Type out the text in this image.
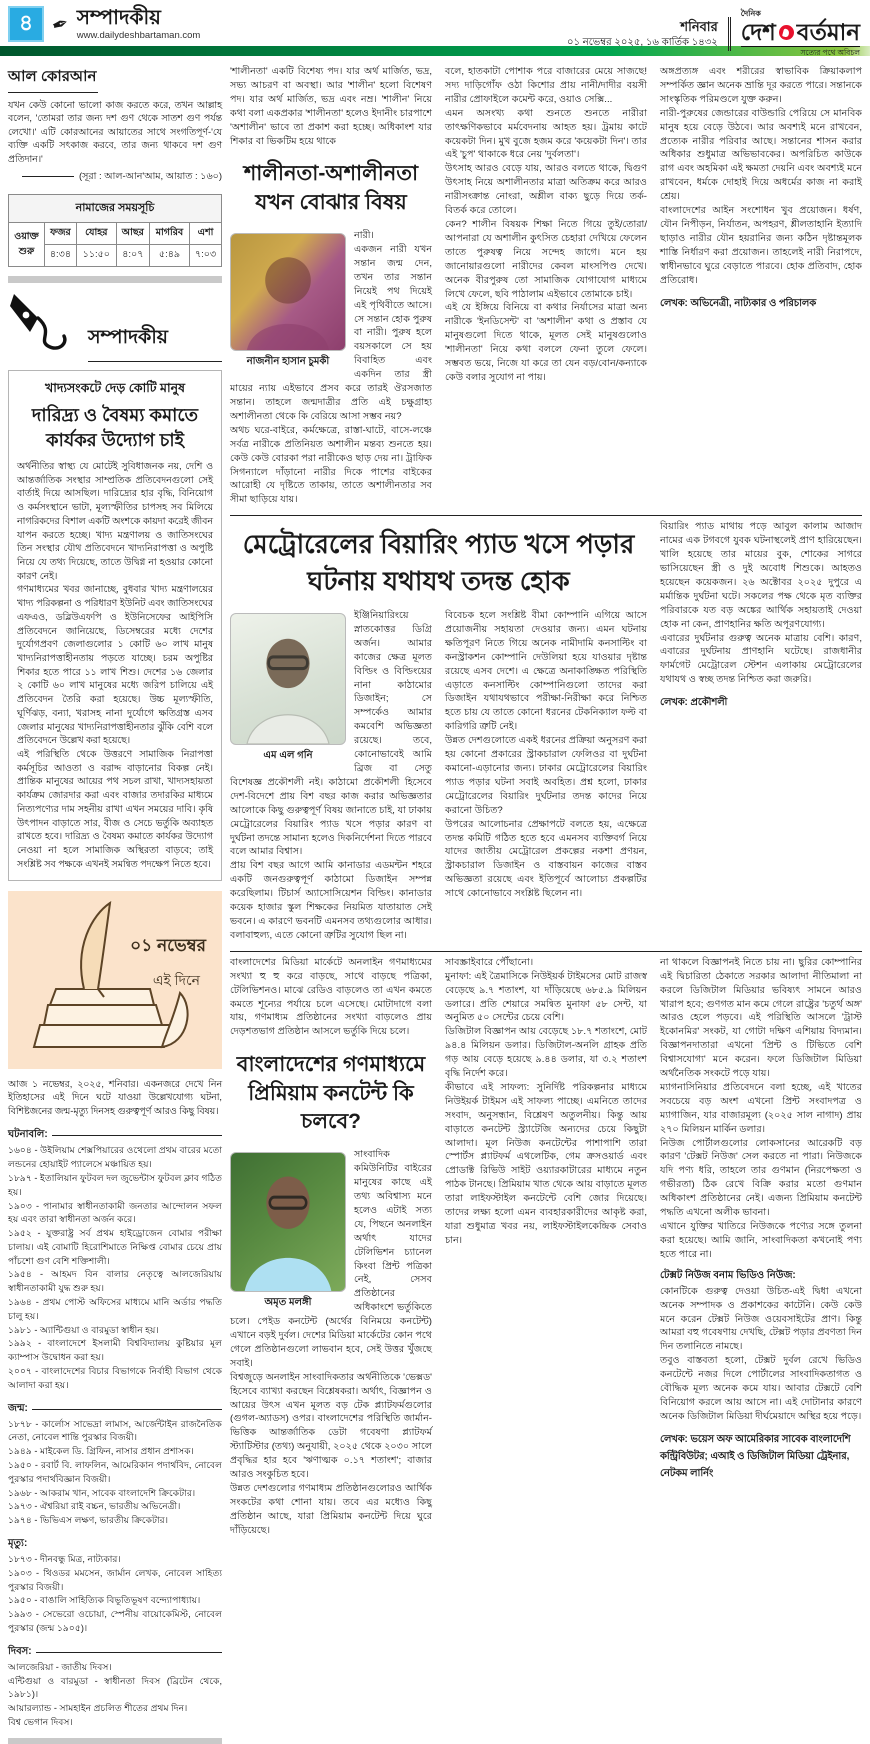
৪ ✒︎ সম্পাদকীয়
www.dailydeshbartaman.com
শনিবার
০১ নভেম্বর ২০২৫, ১৬ কার্তিক ১৪৩২
দৈনিক
দেশ বর্তমান
সত্যের পথে অবিচল
আল কোরআন

যখন কেউ কোনো ভালো কাজ করতে করে, তখন আল্লাহ বলেন, 'তোমরা তার জন্য দশ গুণ থেকে সাতশ গুণ পর্যন্ত লেখো।' এটি কোরআনের আয়াতের সাথে সংগতিপূর্ণ-'যে ব্যক্তি একটি সৎকাজ করবে, তার জন্য থাকবে দশ গুণ প্রতিদান।'

(সূরা : আল-আন'আম, আয়াত : ১৬০)
নামাজের সময়সূচি					
ওয়াক্ত শুরু	ফজর	যোহর	আছর	মাগরিব	এশা
	৪:৩৪	১১:৫০	৪:০৭	৫:৪৯	৭:০৩
সম্পাদকীয়
খাদ্যসংকটে দেড় কোটি মানুষ
দারিদ্র্য ও বৈষম্য কমাতে কার্যকর উদ্যোগ চাই
অর্থনীতির স্বাস্থ্য যে মোটেই সুবিধাজনক নয়, দেশি ও আন্তর্জাতিক সংস্থার সাম্প্রতিক প্রতিবেদনগুলো সেই বার্তাই দিয়ে আসছিল। দারিদ্র্যের হার বৃদ্ধি, বিনিয়োগ ও কর্মসংস্থানে ভাটা, মূল্যস্ফীতির চাপসহ সব মিলিয়ে নাগরিকদের বিশাল একটি অংশকে কায়দা করেই জীবন যাপন করতে হচ্ছে। খাদ্য মন্ত্রণালয় ও জাতিসংঘের তিন সংস্থার যৌথ প্রতিবেদনে খাদ্যনিরাপত্তা ও অপুষ্টি নিয়ে যে তথ্য দিয়েছে, তাতে উদ্বিগ্ন না হওয়ার কোনো কারণ নেই।
গণমাধ্যমের খবর জানাচ্ছে, বুধবার খাদ্য মন্ত্রণালয়ের খাদ্য পরিকল্পনা ও পরিধারণ ইউনিট এবং জাতিসংঘের এফএও, ডব্লিউএফপি ও ইউনিসেফের আইপিসি প্রতিবেদনে জানিয়েছে, ডিসেম্বরের মধ্যে দেশের দুর্যোগপ্রবণ জেলাগুলোর ১ কোটি ৬০ লাখ মানুষ খাদ্যনিরাপত্তাহীনতায় পড়তে যাচ্ছে। চরম অপুষ্টির শিকার হতে পারে ১১ লাখ শিশু। দেশের ১৬ জেলার ২ কোটি ৬০ লাখ মানুষের মধ্যে জরিপ চালিয়ে এই প্রতিবেদন তৈরি করা হয়েছে। উচ্চ মূল্যস্ফীতি, ঘূর্ণিঝড়, বন্যা, খরাসহ নানা দুর্যোগে ক্ষতিগ্রস্ত এসব জেলার মানুষের খাদ্যনিরাপত্তাহীনতার ঝুঁকি বেশি বলে প্রতিবেদনে উল্লেখ করা হয়েছে।
এই পরিস্থিতি থেকে উত্তরণে সামাজিক নিরাপত্তা কর্মসূচির আওতা ও বরাদ্দ বাড়ানোর বিকল্প নেই। প্রান্তিক মানুষের আয়ের পথ সচল রাখা, খাদ্যসহায়তা কার্যক্রম জোরদার করা এবং বাজার তদারকির মাধ্যমে নিত্যপণ্যের দাম সহনীয় রাখা এখন সময়ের দাবি। কৃষি উৎপাদন বাড়াতে সার, বীজ ও সেচে ভর্তুকি অব্যাহত রাখতে হবে। দারিদ্র্য ও বৈষম্য কমাতে কার্যকর উদ্যোগ নেওয়া না হলে সামাজিক অস্থিরতা বাড়বে; তাই সংশ্লিষ্ট সব পক্ষকে এখনই সমন্বিত পদক্ষেপ নিতে হবে।
০১ নভেম্বর
এই দিনে

আজ ১ নভেম্বর, ২০২৫, শনিবার। একনজরে দেখে নিন ইতিহাসের এই দিনে ঘটে যাওয়া উল্লেখযোগ্য ঘটনা, বিশিষ্টজনের জন্ম-মৃত্যু দিনসহ গুরুত্বপূর্ণ আরও কিছু বিষয়।

ঘটনাবলি:

১৬০৪ - উইলিয়াম শেক্সপিয়ারের ওথেলো প্রথম বারের মতো লন্ডনের হোয়াইট প্যালেসে মঞ্চায়িত হয়।

১৮৯৭ - ইতালিয়ান ফুটবল দল জুভেন্টাস ফুটবল ক্লাব গঠিত হয়।

১৯০৩ - পানামার স্বাধীনতাকামী জনতার আন্দোলন সফল হয় এবং তারা স্বাধীনতা অর্জন করে।

১৯৫২ - যুক্তরাষ্ট্র সর্ব প্রথম হাইড্রোজেন বোমার পরীক্ষা চালায়। এই বোমাটি হিরোশিমাতে নিক্ষিপ্ত বোমার চেয়ে প্রায় পাঁচশো গুণ বেশি শক্তিশালী।

১৯৫৪ - আহমদ বিন বালার নেতৃত্বে আলজেরিয়ায় স্বাধীনতাকামী যুদ্ধ শুরু হয়।

১৯৬৪ - প্রথম পোস্ট অফিসের মাধ্যমে মানি অর্ডার পদ্ধতি চালু হয়।

১৯৮১ - অ্যান্টিগুয়া ও বারমুডা স্বাধীন হয়।

১৯৯২ - বাংলাদেশে ইসলামী বিশ্ববিদ্যালয় কুষ্টিয়ার মূল ক্যাম্পাস উদ্বোধন করা হয়।

২০০৭ - বাংলাদেশের বিচার বিভাগকে নির্বাহী বিভাগ থেকে আলাদা করা হয়।

জন্ম:

১৮৭৮ - কার্লোস সাভেদ্রা লামাস, আর্জেন্টাইন রাজনৈতিক নেতা, নোবেল শান্তি পুরস্কার বিজয়ী।

১৯৪৯ - মাইকেল ডি. গ্রিফিন, নাসার প্রধান প্রশাসক।

১৯৫০ - রবার্ট বি. লাফলিন, আমেরিকান পদার্থবিদ, নোবেল পুরস্কার পদার্থবিজ্ঞান বিজয়ী।

১৯৬৮ - আকরাম খান, সাবেক বাংলাদেশি ক্রিকেটার।

১৯৭৩ - ঐশ্বরিয়া রাই বচ্চন, ভারতীয় অভিনেত্রী।

১৯৭৪ - ভিভিএস লক্ষণ, ভারতীয় ক্রিকেটার।

মৃত্যু:

১৮৭৩ - দীনবন্ধু মিত্র, নাট্যকার।

১৯০৩ - থিওডর মমসেন, জার্মান লেখক, নোবেল সাহিত্য পুরস্কার বিজয়ী।

১৯৫০ - বাঙালি সাহিত্যিক বিভূতিভূষণ বন্দ্যোপাধ্যায়।

১৯৯৩ - সেভেরো ওচোয়া, স্পেনীয় বায়োকেমিস্ট, নোবেল পুরস্কার (জন্ম ১৯০৫)।

দিবস:

আলজেরিয়া - জাতীয় দিবস।

এন্টিগুয়া ও বারমুডা - স্বাধীনতা দিবস (ব্রিটেন থেকে, ১৯৮১)।

আয়ারল্যান্ড - সামহাইন প্রচলিত শীতের প্রথম দিন।

বিশ্ব ভেগান দিবস।

'শালীনতা' একটি বিশেষ্য পদ। যার অর্থ মার্জিত, ভদ্র, সভ্য আচরণ বা অবস্থা। আর 'শালীন' হলো বিশেষণ পদ। যার অর্থ মার্জিত, ভদ্র এবং নম্র। 'শালীন' নিয়ে কথা বলা একপ্রকার 'শালীনতা' হলেও ইদানীং চারপাশে 'অশালীন' ভাবে তা প্রকাশ করা হচ্ছে। অধিকাংশ যার শিকার বা ভিকটিম হয়ে থাকে
শালীনতা-অশালীনতা যখন বোঝার বিষয়
নাজনীন হাসান চুমকী
নারী।
একজন নারী যখন সন্তান জন্ম দেন, তখন তার সন্তান নিয়েই পথ দিয়েই এই পৃথিবীতে আসে। সে সন্তান হোক পুরুষ বা নারী। পুরুষ হলে বয়সকালে সে হয় বিবাহিত এবং একদিন তার স্ত্রী মায়ের ন্যায় এইভাবে প্রসব করে তারই ঔরসজাত সন্তান। তাহলে জন্মদাত্রীর প্রতি এই চক্ষুগ্রাহ্য অশালীনতা থেকে কি বেরিয়ে আসা সম্ভব নয়?
অথচ ঘরে-বাইরে, কর্মক্ষেত্রে, রাস্তা-ঘাটে, বাসে-লঞ্চে সর্বত্র নারীকে প্রতিনিয়ত অশালীন মন্তব্য শুনতে হয়। কেউ কেউ বোরকা পরা নারীকেও ছাড় দেয় না। ট্রাফিক সিগন্যালে দাঁড়ানো নারীর দিকে পাশের বাইকের আরোহী যে দৃষ্টিতে তাকায়, তাতে অশালীনতার সব সীমা ছাড়িয়ে যায়।
বলে, হাতকাটা পোশাক পরে বাজারের মেয়ে সাজছে! সদ্য দাড়িগোঁফ ওঠা কিশোর প্রায় নানী/দাদীর বয়সী নারীর প্রোফাইলে কমেন্ট করে, ওয়াও সেক্সি...
এমন অসংখ্য কথা শুনতে শুনতে নারীরা তাৎক্ষণিকভাবে মর্মবেদনায় আহত হয়। ট্রমায় কাটে কয়েকটা দিন। মুখ বুজে হজম করে 'কয়েকটা দিন'। তার এই 'চুপ' থাকাকে ধরে নেয় 'দুর্বলতা'।
উৎসাহ আরও বেড়ে যায়, আরও বলতে থাকে, দ্বিগুণ উৎসাহ নিয়ে অশালীনতার মাত্রা অতিক্রম করে আরও নারীসংক্রান্ত নোংরা, অশ্লীল বাক্য ছুড়ে দিয়ে তর্ক-বিতর্ক করে তোলে।
কেন? শালীন বিষয়ক শিক্ষা নিতে গিয়ে তুই/তোরা/আপনারা যে অশালীন কুৎসিত চেহারা দেখিয়ে ফেলেন তাতে পুরুষত্ব নিয়ে সন্দেহ জাগে। মনে হয় জানোয়ারগুলো নারীদের কেবল মাংসপিণ্ড দেখে। অনেক বীরপুরুষ তো সামাজিক যোগাযোগ মাধ্যমে লিখে ফেলে, ছবি পাঠালাম এইভাবে তোমাকে চাই।
এই যে ইঙ্গিয়ে বিনিয়ে বা কথার নির্যাসের মাত্রা অন্য নারীকে 'ইনডিসেন্ট' বা 'অশালীন' কথা ও প্রস্তাব যে মানুষগুলো দিতে থাকে, মূলত সেই মানুষগুলোও 'শালীনতা' নিয়ে কথা বললে ফেনা তুলে ফেলে। সম্ভবত ভয়ে, নিজে যা করে তা যেন বড়/বোন/কন্যাকে কেউ বলার সুযোগ না পায়।
অঙ্গপ্রত্যঙ্গ এবং শরীরের স্বাভাবিক ক্রিয়াকলাপ সম্পর্কিত জ্ঞান অনেক ভ্রান্তি দূর করতে পারে। সন্তানকে সাংস্কৃতিক পরিমণ্ডলে যুক্ত করুন।
নারী-পুরুষের জেন্ডারের বাউন্ডারি পেরিয়ে সে মানবিক মানুষ হয়ে বেড়ে উঠবে। আর অবশ্যই মনে রাখবেন, প্রত্যেক নারীর পরিবার আছে। সন্তানের শাসন করার অধিকার শুধুমাত্র অভিভাবকের। অপরিচিত কাউকে রাগ এবং অহমিকা এই ক্ষমতা দেয়নি এবং অবশ্যই মনে রাখবেন, ধর্মকে দোহাই দিয়ে অধর্মের কাজ না করাই শ্রেয়।
বাংলাদেশের আইন সংশোধন খুব প্রয়োজন। ধর্ষণ, যৌন নিপীড়ন, নির্যাতন, অপহরণ, শ্লীলতাহানি ইত্যাদি ছাড়াও নারীর যৌন হয়রানির জন্য কঠিন দৃষ্টান্তমূলক শাস্তি নির্ধারণ করা প্রয়োজন। তাহলেই নারী নিরাপদে, স্বাধীনভাবে ঘুরে বেড়াতে পারবে। হোক প্রতিবাদ, হোক প্রতিরোধ।
লেখক: অভিনেত্রী, নাট্যকার ও পরিচালক
মেট্রোরেলের বিয়ারিং প্যাড খসে পড়ার ঘটনায় যথাযথ তদন্ত হোক
এম এল গনি
ইঞ্জিনিয়ারিংয়ে স্নাতকোত্তর ডিগ্রি অর্জন। আমার কাজের ক্ষেত্র মূলত বিল্ডিং ও বিল্ডিংয়ের নানা কাঠামোর ডিজাইন; সে সম্পর্কেও আমার কমবেশি অভিজ্ঞতা রয়েছে। তবে, কোনোভাবেই আমি ব্রিজ বা সেতু বিশেষজ্ঞ প্রকৌশলী নই। কাঠামো প্রকৌশলী হিসেবে দেশ-বিদেশে প্রায় বিশ বছর কাজ করার অভিজ্ঞতার আলোকে কিছু গুরুত্বপূর্ণ বিষয় জানাতে চাই, যা ঢাকায় মেট্রোরেলের বিয়ারিং প্যাড খসে পড়ার কারণ বা দুর্ঘটনা তদন্তে সামান্য হলেও দিকনির্দেশনা দিতে পারবে বলে আমার বিশ্বাস।
প্রায় বিশ বছর আগে আমি কানাডার এডমন্টন শহরে একটি জনগুরুত্বপূর্ণ কাঠামো ডিজাইন সম্পন্ন করেছিলাম। টিচার্স অ্যাসোসিয়েশন বিল্ডিং। কানাডার কয়েক হাজার স্কুল শিক্ষকের নিয়মিত যাতায়াত সেই ভবনে। এ কারণে ভবনটি এমনসব তথ্যগুলোর আধার। বলাবাহুল্য, এতে কোনো ত্রুটির সুযোগ ছিল না।
বিবেচক হলে সংশ্লিষ্ট বীমা কোম্পানি এগিয়ে আসে প্রয়োজনীয় সহায়তা দেওয়ার জন্য। এমন ঘটনায় ক্ষতিপূরণ নিতে গিয়ে অনেক নামীদামি কনসাল্টিং বা কনস্ট্রাকশন কোম্পানি দেউলিয়া হয়ে যাওয়ার দৃষ্টান্ত রয়েছে এসব দেশে। এ ক্ষেত্রে অনাকাঙ্ক্ষিত পরিস্থিতি এড়াতে কনসাল্টিং কোম্পানিগুলো তাদের করা ডিজাইন যথাযথভাবে পরীক্ষা-নিরীক্ষা করে নিশ্চিত হতে চায় যে তাতে কোনো ধরনের টেকনিক্যাল ফল্ট বা কারিগরি ত্রুটি নেই।
উন্নত দেশগুলোতে একই ধরনের প্রক্রিয়া অনুসরণ করা হয় কোনো প্রকারের স্ট্রাকচারাল ফেলিওর বা দুর্ঘটনা কমানো-এড়ানোর জন্য। ঢাকার মেট্রোরেলের বিয়ারিং প্যাড পড়ার ঘটনা সবাই অবহিত। প্রশ্ন হলো, ঢাকার মেট্রোরেলের বিয়ারিং দুর্ঘটনার তদন্ত কাদের নিয়ে করানো উচিত?
উপরের আলোচনার প্রেক্ষাপটে বলতে হয়, এক্ষেত্রে তদন্ত কমিটি গঠিত হতে হবে এমনসব ব্যক্তিবর্গ নিয়ে যাদের জাতীয় মেট্রোরেল প্রকল্পের নকশা প্রণয়ন, স্ট্রাকচারাল ডিজাইন ও বাস্তবায়ন কাজের বাস্তব অভিজ্ঞতা রয়েছে এবং ইতিপূর্বে আলোচ্য প্রকল্পটির সাথে কোনোভাবে সংশ্লিষ্ট ছিলেন না।
বিয়ারিং প্যাড মাথায় পড়ে আবুল কালাম আজাদ নামের এক টগবগে যুবক ঘটনাস্থলেই প্রাণ হারিয়েছেন। খালি হয়েছে তার মায়ের বুক, শোকের সাগরে ভাসিয়েছেন স্ত্রী ও দুই অবোধ শিশুকে। আহতও হয়েছেন কয়েকজন। ২৬ অক্টোবর ২০২৫ দুপুরে এ মর্মান্তিক দুর্ঘটনা ঘটে। সকলের পক্ষ থেকে মৃত ব্যক্তির পরিবারকে যত বড় অঙ্কের আর্থিক সহায়তাই দেওয়া হোক না কেন, প্রাণহানির ক্ষতি অপূরণযোগ্য।
এবারের দুর্ঘটনার গুরুত্ব অনেক মাত্রায় বেশি। কারণ, এবারের দুর্ঘটনায় প্রাণহানি ঘটেছে। রাজধানীর ফার্মগেট মেট্রোরেল স্টেশন এলাকায় মেট্রোরেলের যথাযথ ও স্বচ্ছ তদন্ত নিশ্চিত করা জরুরি।
লেখক: প্রকৌশলী
বাংলাদেশের মিডিয়া মার্কেটে অনলাইন গণমাধ্যমের সংখ্যা হু হু করে বাড়ছে, সাথে বাড়ছে পত্রিকা, টেলিভিশনও। মাঝে রেডিও বাড়লেও তা এখন কমতে কমতে শূন্যের পর্যায়ে চলে এসেছে। মোটাদাগে বলা যায়, গণমাধ্যম প্রতিষ্ঠানের সংখ্যা বাড়লেও প্রায় দেড়শতভাগ প্রতিষ্ঠান আসলে ভর্তুকি দিয়ে চলে।
বাংলাদেশের গণমাধ্যমে প্রিমিয়াম কনটেন্ট কি চলবে?
অমৃত মলঙ্গী
সাংবাদিক কমিউনিটির বাইরের মানুষের কাছে এই তথ্য অবিশ্বাস্য মনে হলেও এটাই সত্য যে, পিছনে অনলাইন অর্থাৎ যাদের টেলিভিশন চ্যানেল কিংবা প্রিন্ট পত্রিকা নেই, সেসব প্রতিষ্ঠানের অধিকাংশে ভর্তুকিতে চলে। পেইড কনটেন্ট (অর্থের বিনিময়ে কনটেন্ট) এখানে বড়ই দুর্বল। দেশের মিডিয়া মার্কেটের কোন পথে গেলে প্রতিষ্ঠানগুলো লাভবান হবে, সেই উত্তর খুঁজছে সবাই।
বিশ্বজুড়ে অনলাইন সাংবাদিকতার অর্থনীতিকে 'ভেক্সড' হিসেবে ব্যাখ্যা করছেন বিশ্লেষকরা। অর্থাৎ, বিজ্ঞাপন ও আয়ের উৎস এখন মূলত বড় টেক প্ল্যাটফর্মগুলোর (গুগল-অ্যাডস) ওপর। বাংলাদেশের পরিস্থিতি জার্মান-ভিত্তিক আন্তর্জাতিক ডেটা গবেষণা প্ল্যাটফর্ম স্ট্যাটিস্টার (তথ্য) অনুযায়ী, ২০২৫ থেকে ২০৩০ সালে প্রবৃদ্ধির হার হবে 'ঋণাত্মক ০.১৭ শতাংশ'; বাজার আরও সংকুচিত হবে।
উন্নত দেশগুলোর গণমাধ্যম প্রতিষ্ঠানগুলোরও আর্থিক সংকটের কথা শোনা যায়। তবে এর মধ্যেও কিছু প্রতিষ্ঠান আছে, যারা প্রিমিয়াম কনটেন্ট দিয়ে ঘুরে দাঁড়িয়েছে।
সাবস্ক্রাইবারে পৌঁছানো।
মুনাফা: এই ত্রৈমাসিকে নিউইয়র্ক টাইমসের মোট রাজস্ব বেড়েছে ৯.৭ শতাংশ, যা দাঁড়িয়েছে ৬৮৫.৯ মিলিয়ন ডলারে। প্রতি শেয়ারে সমন্বিত মুনাফা ৫৮ সেন্ট, যা অনুমিত ৫০ সেন্টের চেয়ে বেশি।
ডিজিটাল বিজ্ঞাপন আয় বেড়েছে ১৮.৭ শতাংশে, মোট ৯৪.৪ মিলিয়ন ডলার। ডিজিটাল-অনলি গ্রাহক প্রতি গড় আয় বেড়ে হয়েছে ৯.৪৪ ডলার, যা ৩.২ শতাংশ বৃদ্ধি নির্দেশ করে।
কীভাবে এই সাফল্য: সুনির্দিষ্ট পরিকল্পনার মাধ্যমে নিউইয়র্ক টাইমস এই সাফল্য পাচ্ছে। এমনিতে তাদের সংবাদ, অনুসন্ধান, বিশ্লেষণ অতুলনীয়। কিন্তু আয় বাড়াতে কনটেন্ট স্ট্র্যাটেজি অন্যদের চেয়ে কিছুটা আলাদা। মূল নিউজ কনটেন্টের পাশাপাশি তারা স্পোর্টস প্ল্যাটফর্ম এথলেটিক, গেম ক্রসওয়ার্ড এবং প্রোডাক্ট রিভিউ সাইট ওয়্যারকাটারের মাধ্যমে নতুন পাঠক টানছে। প্রিমিয়াম খাত থেকে আয় বাড়াতে মূলত তারা লাইফস্টাইল কনটেন্টে বেশি জোর দিয়েছে। তাদের লক্ষ্য হলো এমন ব্যবহারকারীদের আকৃষ্ট করা, যারা শুধুমাত্র খবর নয়, লাইফস্টাইলকেন্দ্রিক সেবাও চান।
না থাকলে বিজ্ঞাপনই নিতে চায় না। ছুরির কোম্পানির এই দ্বিচারিতা ঠেকাতে সরকার আলাদা নীতিমালা না করলে ডিজিটাল মিডিয়ার ভবিষ্যৎ সামনে আরও খারাপ হবে; গুণগত মান কমে গেলে রাষ্ট্রের 'চতুর্থ অঙ্গ' আরও হেলে পড়বে। এই পরিস্থিতি আসলে 'ট্রাস্ট ইকোনমির' সংকট, যা গোটা দক্ষিণ এশিয়ায় বিদ্যমান। বিজ্ঞাপনদাতারা এখনো 'প্রিন্ট ও টিভিতে বেশি বিশ্বাসযোগ্য' মনে করেন। ফলে ডিজিটাল মিডিয়া অর্থনৈতিক সংকটে পড়ে যায়।
ম্যাগনাসিনিয়ার প্রতিবেদনে বলা হচ্ছে, এই খাতের সবচেয়ে বড় অংশ এখনো প্রিন্ট সংবাদপত্র ও ম্যাগাজিন, যার বাজারমূল্য (২০২৫ সাল নাগাদ) প্রায় ২৭০ মিলিয়ন মার্কিন ডলার।
নিউজ পোর্টালগুলোর লোকসানের আরেকটি বড় কারণ 'টেক্সট নিউজ' সেল করতে না পারা। নিউজকে যদি পণ্য ধরি, তাহলে তার গুণমান (নিরপেক্ষতা ও গভীরতা) ঠিক রেখে বিক্রি করার মতো গুণমান অধিকাংশ প্রতিষ্ঠানের নেই। এজন্য প্রিমিয়াম কনটেন্ট পদ্ধতি এখনো অলীক ভাবনা।
এখানে যুক্তির খাতিরে নিউজকে পণ্যের সঙ্গে তুলনা করা হয়েছে। আমি জানি, সাংবাদিকতা কখনোই পণ্য হতে পারে না।
টেক্সট নিউজ বনাম ভিডিও নিউজ:
কোনটিকে গুরুত্ব দেওয়া উচিত-এই দ্বিধা এখনো অনেক সম্পাদক ও প্রকাশকের কাটেনি। কেউ কেউ মনে করেন টেক্সট নিউজ ওয়েবসাইটের প্রাণ। কিন্তু আমরা বহু গবেষণায় দেখছি, টেক্সট পড়ার প্রবণতা দিন দিন তলানিতে নামছে।
তবুও বাস্তবতা হলো, টেক্সট দুর্বল রেখে ভিডিও কনটেন্টে নজর দিলে পোর্টালের সাংবাদিকতাগত ও বৌদ্ধিক মূল্য অনেক কমে যায়। আবার টেক্সটে বেশি বিনিয়োগ করলে আয় আসে না। এই দোটানার কারণে অনেক ডিজিটাল মিডিয়া দীর্ঘমেয়াদে অস্থির হয়ে পড়ে।
লেখক: ভয়েস অফ আমেরিকার সাবেক বাংলাদেশি কন্ট্রিবিউটর; এআই ও ডিজিটাল মিডিয়া ট্রেইনার, নেটকম লার্নিং
